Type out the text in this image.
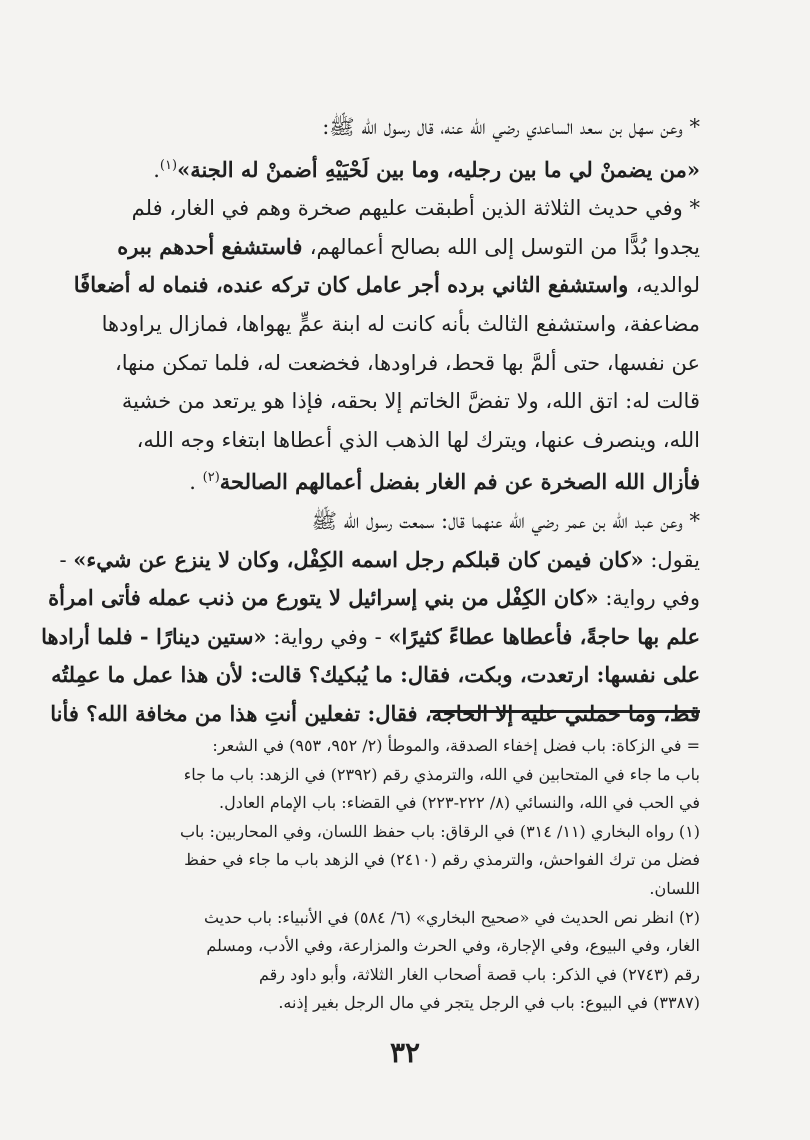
* وعن سهل بن سعد الساعدي رضي الله عنه، قال رسول الله ﷺ:
«من يضمنْ لي ما بين رجليه، وما بين لَحْيَيْهِ أضمنْ له الجنة»$^{(١)}$.
* وفي حديث الثلاثة الذين أطبقت عليهم صخرة وهم في الغار، فلم
يجدوا بُدًّا من التوسل إلى الله بصالح أعمالهم، فاستشفع أحدهم ببره
لوالديه، واستشفع الثاني برده أجر عامل كان تركه عنده، فنماه له أضعافًا
مضاعفة، واستشفع الثالث بأنه كانت له ابنة عمٍّ يهواها، فمازال يراودها
عن نفسها، حتى ألمَّ بها قحط، فراودها، فخضعت له، فلما تمكن منها،
قالت له: اتق الله، ولا تفضَّ الخاتم إلا بحقه، فإذا هو يرتعد من خشية
الله، وينصرف عنها، ويترك لها الذهب الذي أعطاها ابتغاء وجه الله،
فأزال الله الصخرة عن فم الغار بفضل أعمالهم الصالحة$^{(٢)}$ .
* وعن عبد الله بن عمر رضي الله عنهما قال: سمعت رسول الله ﷺ
يقول: «كان فيمن كان قبلكم رجل اسمه الكِفْل، وكان لا ينزع عن شيء» -
وفي رواية: «كان الكِفْل من بني إسرائيل لا يتورع من ذنب عمله فأتى امرأة
علم بها حاجةً، فأعطاها عطاءً كثيرًا» - وفي رواية: «ستين دينارًا - فلما أرادها
على نفسها: ارتعدت، وبكت، فقال: ما يُبكيك؟ قالت: لأن هذا عمل ما عمِلتُه
قط، وما حملني عليه إلا الحاجة، فقال: تفعلين أنتِ هذا من مخافة الله؟ فأنا
= في الزكاة: باب فضل إخفاء الصدقة، والموطأ (٢/ ٩٥٢، ٩٥٣) في الشعر:
باب ما جاء في المتحابين في الله، والترمذي رقم (٢٣٩٢) في الزهد: باب ما جاء
في الحب في الله، والنسائي (٨/ ٢٢٢-٢٢٣) في القضاء: باب الإمام العادل.
(١) رواه البخاري (١١/ ٣١٤) في الرقاق: باب حفظ اللسان، وفي المحاربين: باب
فضل من ترك الفواحش، والترمذي رقم (٢٤١٠) في الزهد باب ما جاء في حفظ
اللسان.
(٢) انظر نص الحديث في «صحيح البخاري» (٦/ ٥٨٤) في الأنبياء: باب حديث
الغار، وفي البيوع، وفي الإجارة، وفي الحرث والمزارعة، وفي الأدب، ومسلم
رقم (٢٧٤٣) في الذكر: باب قصة أصحاب الغار الثلاثة، وأبو داود رقم
(٣٣٨٧) في البيوع: باب في الرجل يتجر في مال الرجل بغير إذنه.
٣٢
